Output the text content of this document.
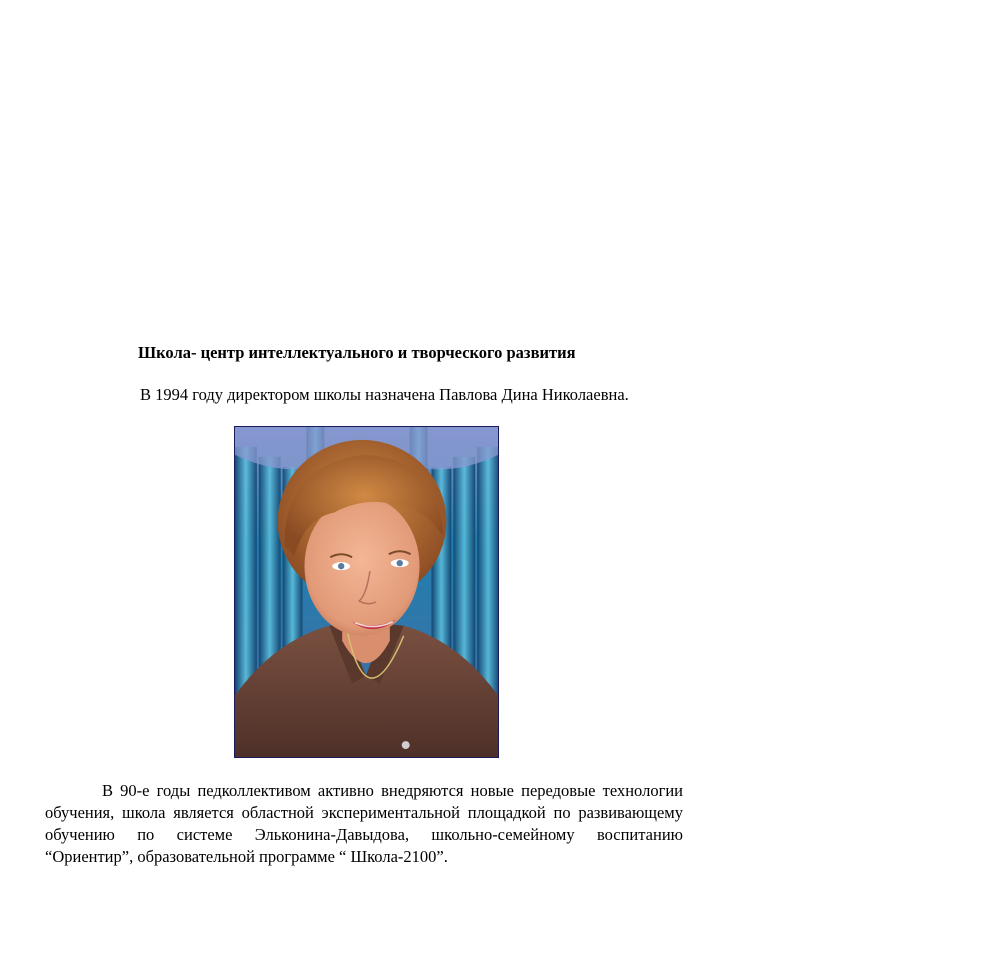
Школа- центр интеллектуального и творческого развития
В 1994 году директором школы назначена Павлова Дина Николаевна.
В 90-е годы педколлективом активно внедряются новые передовые технологии обучения, школа является областной экспериментальной площадкой по развивающему обучению по системе Эльконина-Давыдова, школьно-семейному воспитанию “Ориентир”, образовательной программе “ Школа-2100”.
